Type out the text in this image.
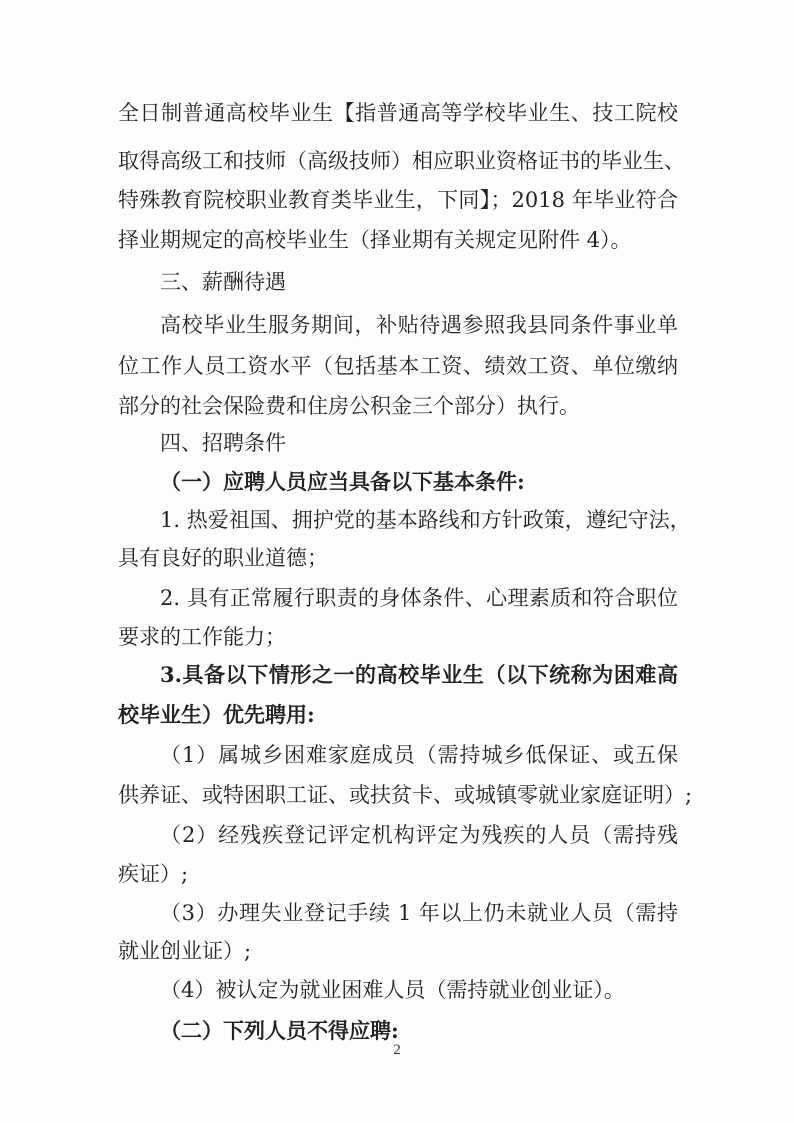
全日制普通高校毕业生【指普通高等学校毕业生、技工院校
取得高级工和技师（高级技师）相应职业资格证书的毕业生、
特殊教育院校职业教育类毕业生，下同】；2018 年毕业符合
择业期规定的高校毕业生（择业期有关规定见附件 4）。
三、薪酬待遇
高校毕业生服务期间，补贴待遇参照我县同条件事业单
位工作人员工资水平（包括基本工资、绩效工资、单位缴纳
部分的社会保险费和住房公积金三个部分）执行。
四、招聘条件
（一）应聘人员应当具备以下基本条件:
1. 热爱祖国、拥护党的基本路线和方针政策，遵纪守法，
具有良好的职业道德；
2. 具有正常履行职责的身体条件、心理素质和符合职位
要求的工作能力；
3.具备以下情形之一的高校毕业生（以下统称为困难高
校毕业生）优先聘用:
（1）属城乡困难家庭成员（需持城乡低保证、或五保
供养证、或特困职工证、或扶贫卡、或城镇零就业家庭证明）;
（2）经残疾登记评定机构评定为残疾的人员（需持残
疾证）;
（3）办理失业登记手续 1 年以上仍未就业人员（需持
就业创业证）;
（4）被认定为就业困难人员（需持就业创业证）。
（二）下列人员不得应聘:
2
